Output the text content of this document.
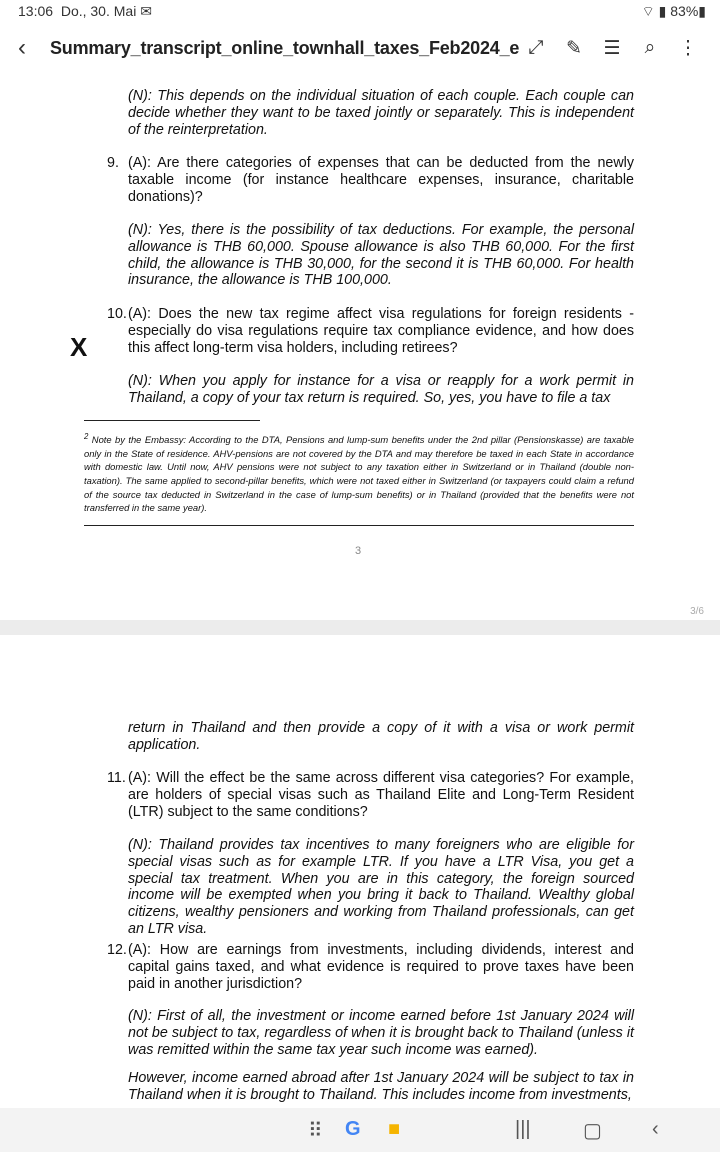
13:06 Do., 30. Mai ✉	⌔ ▮ 83%▮
‹ Summary_transcript_online_townhall_taxes_Feb2024_e ⤢ ✎ ☰ ⌕ ⋮
(N): This depends on the individual situation of each couple. Each couple can decide whether they want to be taxed jointly or separately. This is independent of the reinterpretation.
9. (A): Are there categories of expenses that can be deducted from the newly taxable income (for instance healthcare expenses, insurance, charitable donations)?
(N): Yes, there is the possibility of tax deductions. For example, the personal allowance is THB 60,000. Spouse allowance is also THB 60,000. For the first child, the allowance is THB 30,000, for the second it is THB 60,000. For health insurance, the allowance is THB 100,000.
10. (A): Does the new tax regime affect visa regulations for foreign residents - especially do visa regulations require tax compliance evidence, and how does this affect long-term visa holders, including retirees?
(N): When you apply for instance for a visa or reapply for a work permit in Thailand, a copy of your tax return is required. So, yes, you have to file a tax
X
$^2$ Note by the Embassy: According to the DTA, Pensions and lump-sum benefits under the 2nd pillar (Pensionskasse) are taxable only in the State of residence. AHV-pensions are not covered by the DTA and may therefore be taxed in each State in accordance with domestic law. Until now, AHV pensions were not subject to any taxation either in Switzerland or in Thailand (double non-taxation). The same applied to second-pillar benefits, which were not taxed either in Switzerland (or taxpayers could claim a refund of the source tax deducted in Switzerland in the case of lump-sum benefits) or in Thailand (provided that the benefits were not transferred in the same year).
3
3/6
return in Thailand and then provide a copy of it with a visa or work permit application.
11. (A): Will the effect be the same across different visa categories? For example, are holders of special visas such as Thailand Elite and Long-Term Resident (LTR) subject to the same conditions?
(N): Thailand provides tax incentives to many foreigners who are eligible for special visas such as for example LTR. If you have a LTR Visa, you get a special tax treatment. When you are in this category, the foreign sourced income will be exempted when you bring it back to Thailand. Wealthy global citizens, wealthy pensioners and working from Thailand professionals, can get an LTR visa.
12. (A): How are earnings from investments, including dividends, interest and capital gains taxed, and what evidence is required to prove taxes have been paid in another jurisdiction?
(N): First of all, the investment or income earned before 1st January 2024 will not be subject to tax, regardless of when it is brought back to Thailand (unless it was remitted within the same tax year such income was earned).
However, income earned abroad after 1st January 2024 will be subject to tax in Thailand when it is brought to Thailand. This includes income from investments,
⠿ G ■	|||	▢	‹
